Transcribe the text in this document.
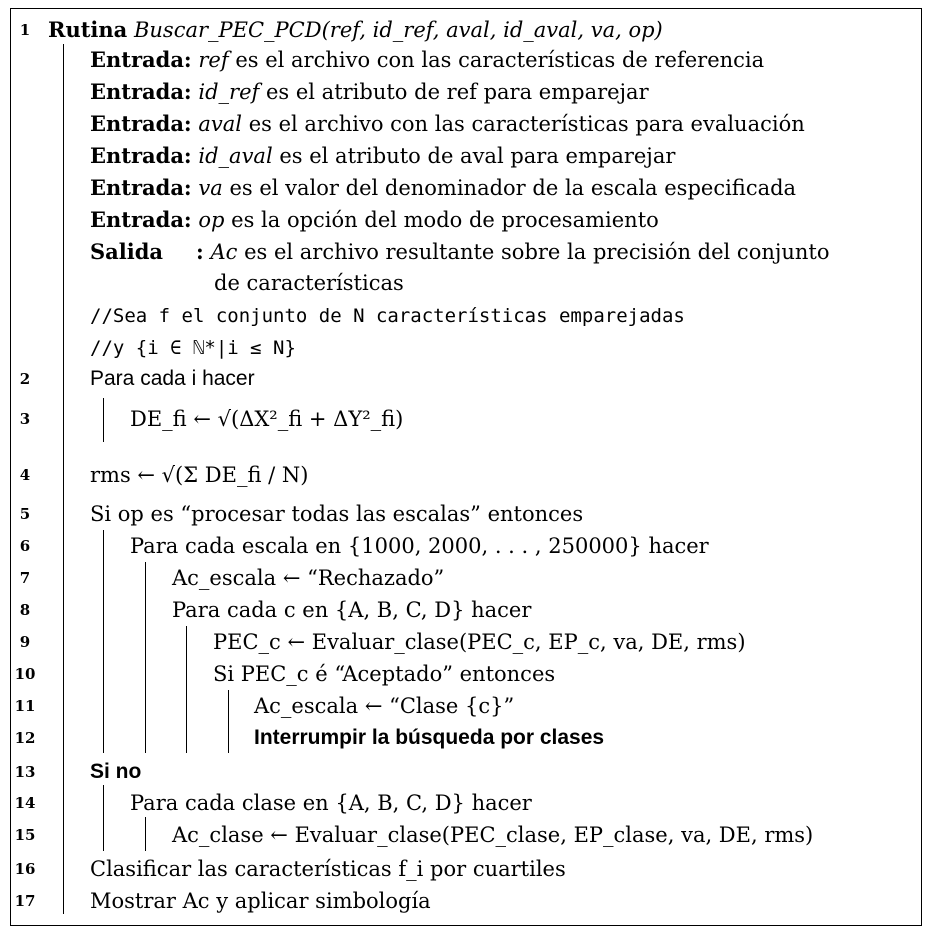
1 Rutina Buscar_PEC_PCD(ref, id_ref, aval, id_aval, va, op)
Entrada: ref es el archivo con las características de referencia
Entrada: id_ref es el atributo de ref para emparejar
Entrada: aval es el archivo con las características para evaluación
Entrada: id_aval es el atributo de aval para emparejar
Entrada: va es el valor del denominador de la escala especificada
Entrada: op es la opción del modo de procesamiento
Salida : Ac es el archivo resultante sobre la precisión del conjunto
de características
//Sea f el conjunto de N características emparejadas
//y {i ∈ ℕ*|i ≤ N}
2	Para cada i hacer
3	DE_fi ← √(ΔX²_fi + ΔY²_fi)
4	rms ← √(Σ DE_fi / N)
5	Si op es “procesar todas las escalas” entonces
6	Para cada escala en {1000, 2000, . . . , 250000} hacer
7	Ac_escala ← “Rechazado”
8	Para cada c en {A, B, C, D} hacer
9	PEC_c ← Evaluar_clase(PEC_c, EP_c, va, DE, rms)
10	Si PEC_c é “Aceptado” entonces
11	Ac_escala ← “Clase {c}”
12	Interrumpir la búsqueda por clases
13	Si no
14	Para cada clase en {A, B, C, D} hacer
15	Ac_clase ← Evaluar_clase(PEC_clase, EP_clase, va, DE, rms)
16	Clasificar las características f_i por cuartiles
17	Mostrar Ac y aplicar simbología
